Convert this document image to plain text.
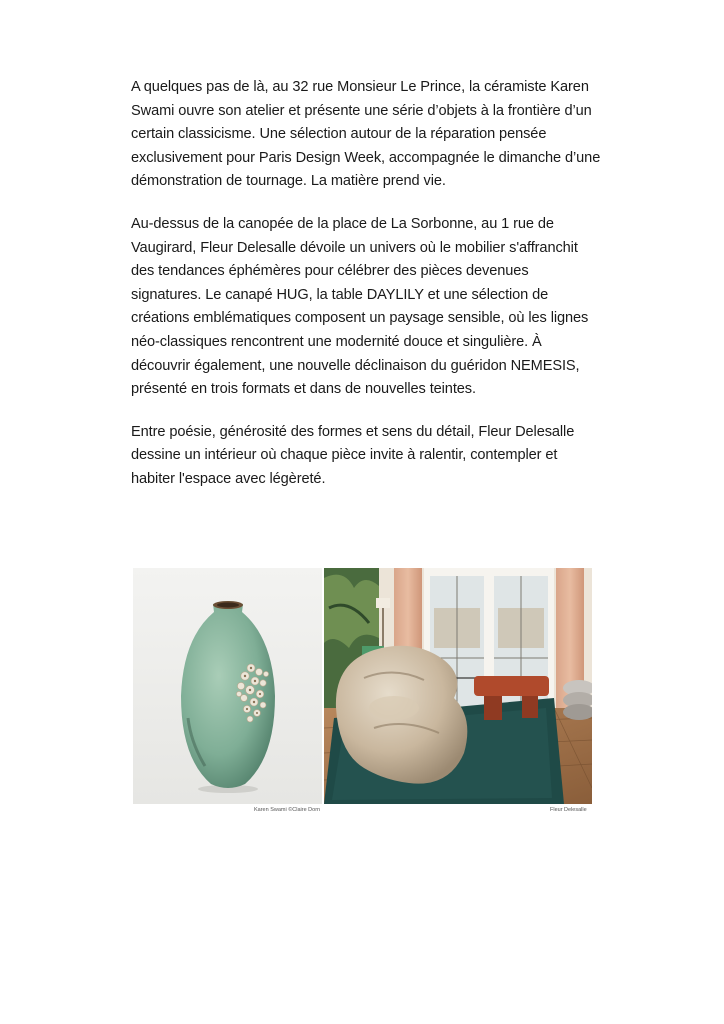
A quelques pas de là, au 32 rue Monsieur Le Prince, la céramiste Karen Swami ouvre son atelier et présente une série d’objets à la frontière d’un certain classicisme. Une sélection autour de la réparation pensée exclusivement pour Paris Design Week, accompagnée le dimanche d’une démonstration de tournage. La matière prend vie.

Au-dessus de la canopée de la place de La Sorbonne, au 1 rue de Vaugirard, Fleur Delesalle dévoile un univers où le mobilier s'affranchit des tendances éphémères pour célébrer des pièces devenues signatures. Le canapé HUG, la table DAYLILY et une sélection de créations emblématiques composent un paysage sensible, où les lignes néo-classiques rencontrent une modernité douce et singulière. À découvrir également, une nouvelle déclinaison du guéridon NEMESIS, présenté en trois formats et dans de nouvelles teintes.

Entre poésie, générosité des formes et sens du détail, Fleur Delesalle dessine un intérieur où chaque pièce invite à ralentir, contempler et habiter l'espace avec légèreté.

Karen Swami ©Claire Dorn	Fleur Delesalle
